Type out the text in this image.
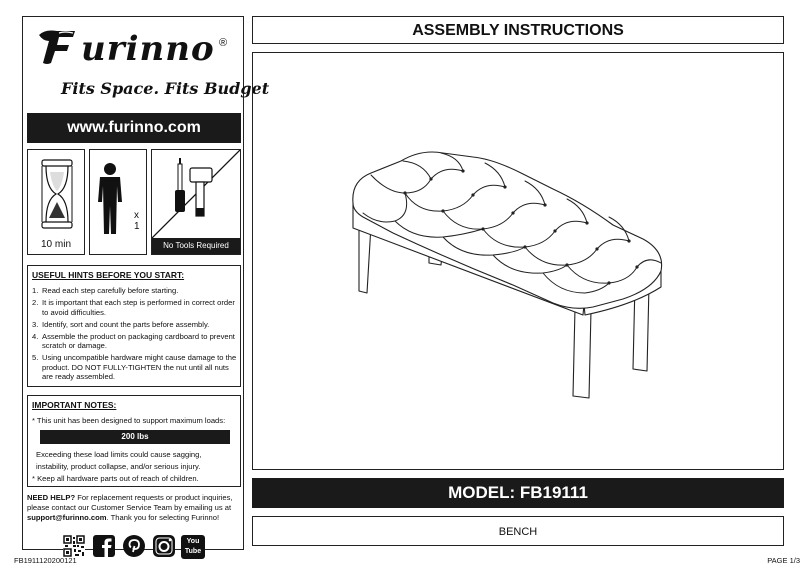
urinno ®
Fits Space. Fits Budget
www.furinno.com
10 min
x 1
No Tools Required
USEFUL HINTS BEFORE YOU START:
1. Read each step carefully before starting.
2. It is important that each step is performed in correct order to avoid difficulties.
3. Identify, sort and count the parts before assembly.
4. Assemble the product on packaging cardboard to prevent scratch or damage.
5. Using uncompatible hardware might cause damage to the product. DO NOT FULLY-TIGHTEN the nut until all nuts are ready assembled.
IMPORTANT NOTES:
* This unit has been designed to support maximum loads:
200 lbs
Exceeding these load limits could cause sagging,
instability, product collapse, and/or serious injury.
* Keep all hardware parts out of reach of children.
NEED HELP? For replacement requests or product inquiries, please contact our Customer Service Team by emailing us at support@furinno.com. Thank you for selecting Furinno!
You
Tube
ASSEMBLY INSTRUCTIONS
MODEL: FB19111
BENCH
FB1911120200121	PAGE 1/3
